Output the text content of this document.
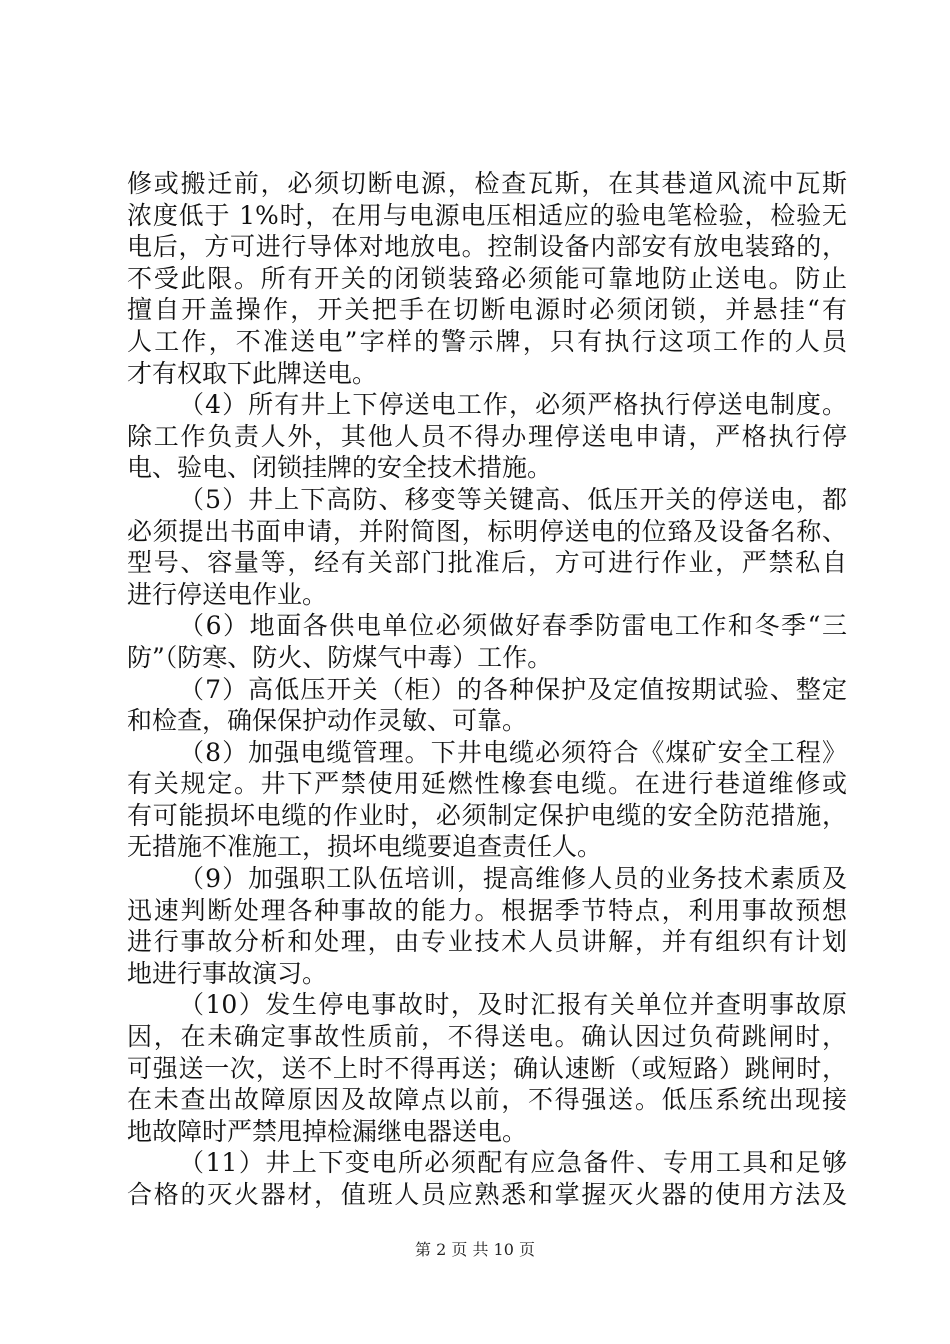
修或搬迁前，必须切断电源，检查瓦斯，在其巷道风流中瓦斯
浓度低于 1%时，在用与电源电压相适应的验电笔检验，检验无
电后，方可进行导体对地放电。控制设备内部安有放电装臵的，
不受此限。所有开关的闭锁装臵必须能可靠地防止送电。防止
擅自开盖操作，开关把手在切断电源时必须闭锁，并悬挂“有
人工作，不准送电”字样的警示牌，只有执行这项工作的人员
才有权取下此牌送电。
（4）所有井上下停送电工作，必须严格执行停送电制度。
除工作负责人外，其他人员不得办理停送电申请，严格执行停
电、验电、闭锁挂牌的安全技术措施。
（5）井上下高防、移变等关键高、低压开关的停送电，都
必须提出书面申请，并附简图，标明停送电的位臵及设备名称、
型号、容量等，经有关部门批准后，方可进行作业，严禁私自
进行停送电作业。
（6）地面各供电单位必须做好春季防雷电工作和冬季“三
防”（防寒、防火、防煤气中毒）工作。
（7）高低压开关（柜）的各种保护及定值按期试验、整定
和检查，确保保护动作灵敏、可靠。
（8）加强电缆管理。下井电缆必须符合《煤矿安全工程》
有关规定。井下严禁使用延燃性橡套电缆。在进行巷道维修或
有可能损坏电缆的作业时，必须制定保护电缆的安全防范措施，
无措施不准施工，损坏电缆要追查责任人。
（9）加强职工队伍培训，提高维修人员的业务技术素质及
迅速判断处理各种事故的能力。根据季节特点，利用事故预想
进行事故分析和处理，由专业技术人员讲解，并有组织有计划
地进行事故演习。
（10）发生停电事故时，及时汇报有关单位并查明事故原
因，在未确定事故性质前，不得送电。确认因过负荷跳闸时，
可强送一次，送不上时不得再送；确认速断（或短路）跳闸时，
在未查出故障原因及故障点以前，不得强送。低压系统出现接
地故障时严禁甩掉检漏继电器送电。
（11）井上下变电所必须配有应急备件、专用工具和足够
合格的灭火器材，值班人员应熟悉和掌握灭火器的使用方法及
第 2 页 共 10 页
